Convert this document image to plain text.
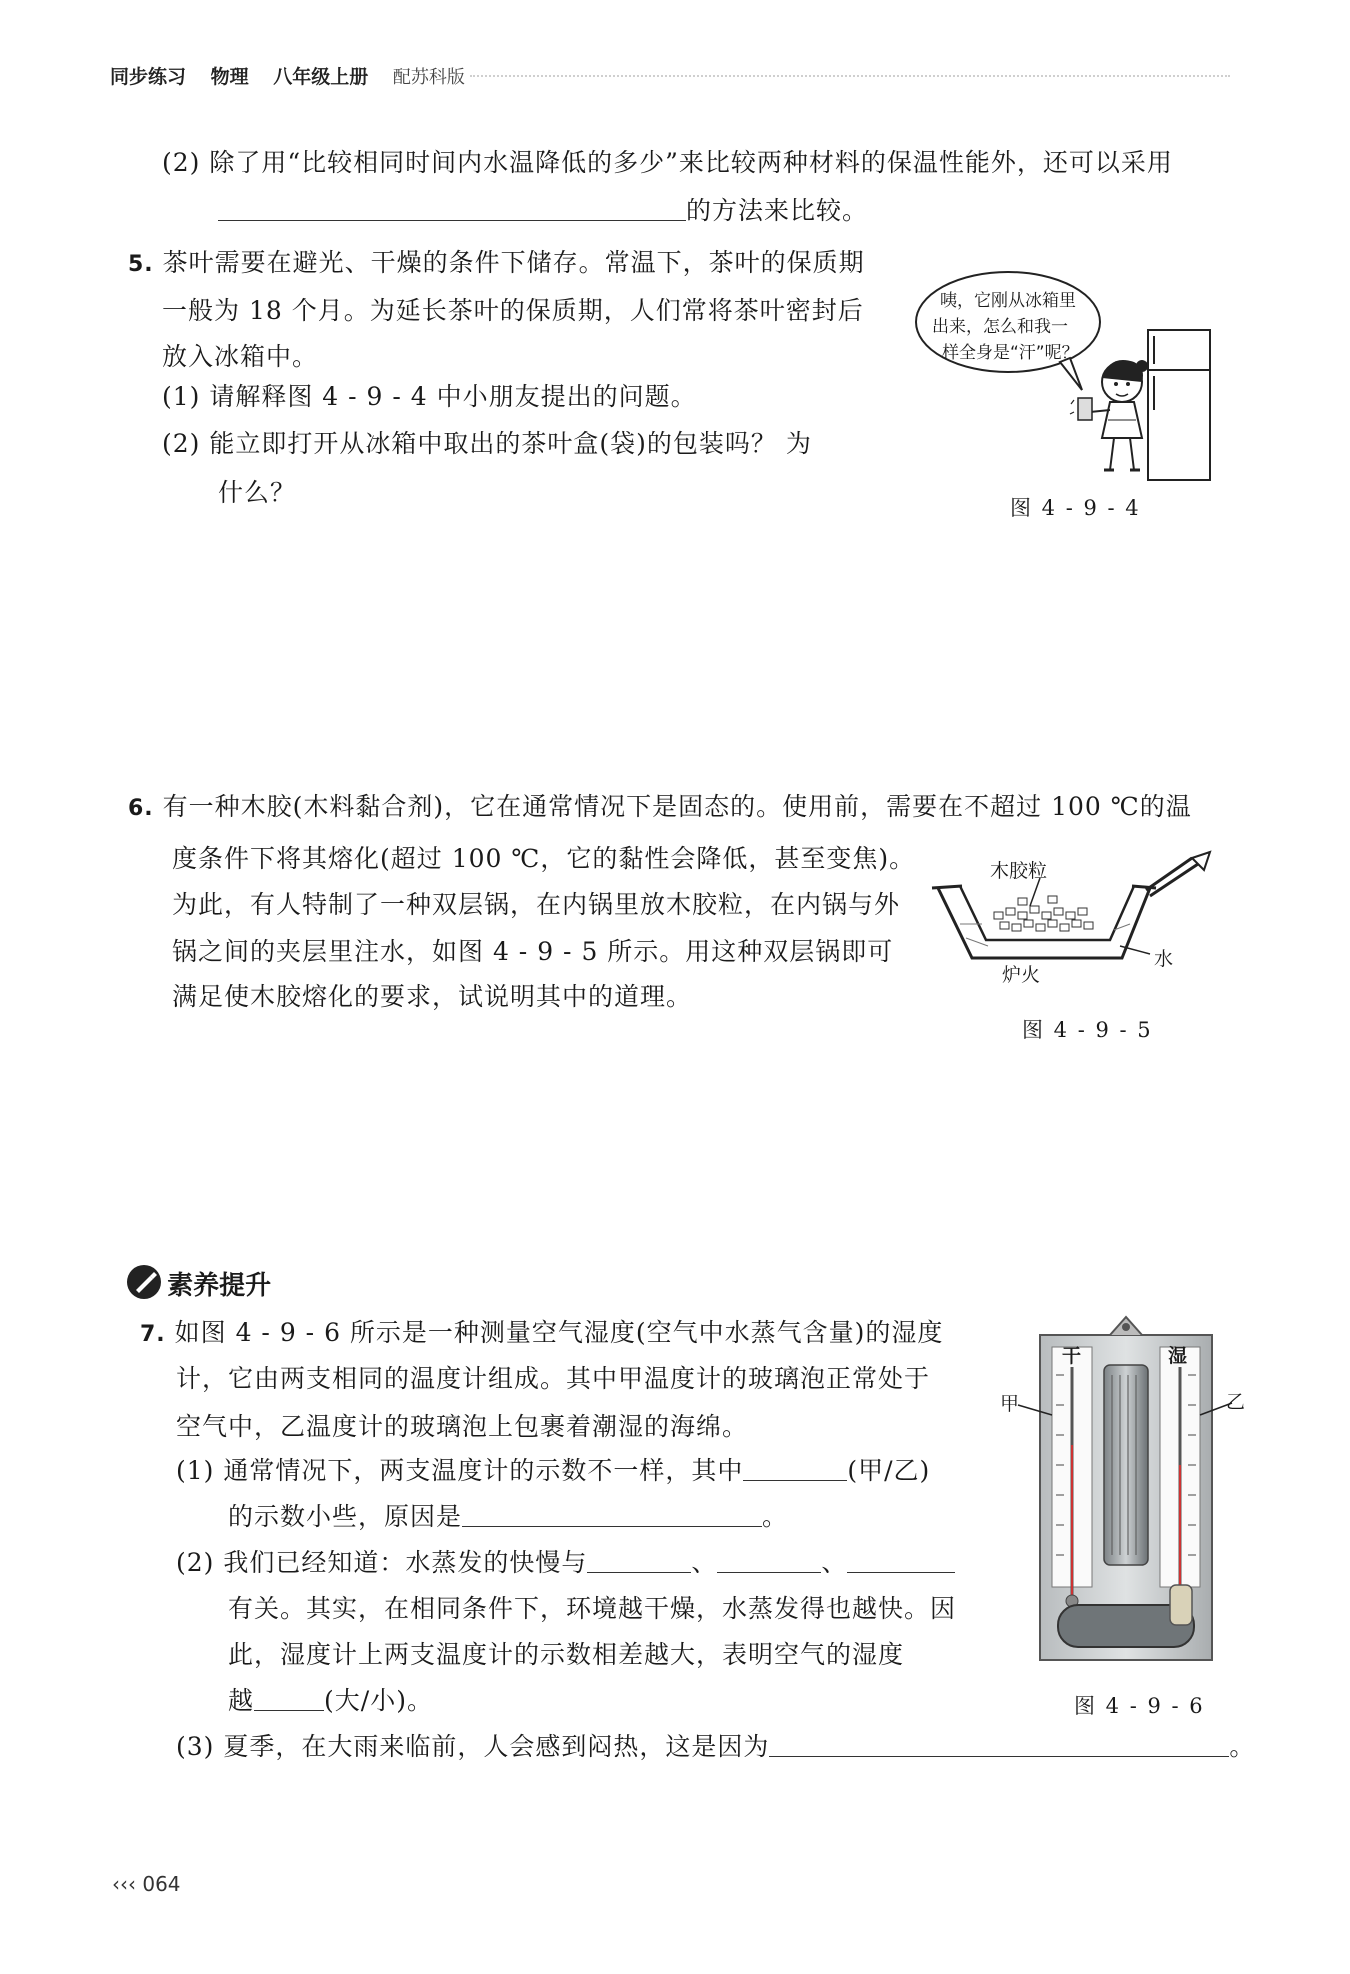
同步练习 物理 八年级上册 配苏科版
(2) 除了用“比较相同时间内水温降低的多少”来比较两种材料的保温性能外，还可以采用
的方法来比较。
5. 茶叶需要在避光、干燥的条件下储存。常温下，茶叶的保质期
一般为 18 个月。为延长茶叶的保质期，人们常将茶叶密封后
放入冰箱中。
(1) 请解释图 4 - 9 - 4 中小朋友提出的问题。
(2) 能立即打开从冰箱中取出的茶叶盒(袋)的包装吗？ 为
什么？
咦，它刚从冰箱里
出来，怎么和我一
样全身是“汗”呢？
图 4 - 9 - 4
6. 有一种木胶(木料黏合剂)，它在通常情况下是固态的。使用前，需要在不超过 100 ℃的温
度条件下将其熔化(超过 100 ℃，它的黏性会降低，甚至变焦)。
为此，有人特制了一种双层锅，在内锅里放木胶粒，在内锅与外
锅之间的夹层里注水，如图 4 - 9 - 5 所示。用这种双层锅即可
满足使木胶熔化的要求，试说明其中的道理。
木胶粒
水
炉火
图 4 - 9 - 5
素养提升
7. 如图 4 - 9 - 6 所示是一种测量空气湿度(空气中水蒸气含量)的湿度
计，它由两支相同的温度计组成。其中甲温度计的玻璃泡正常处于
空气中，乙温度计的玻璃泡上包裹着潮湿的海绵。
(1) 通常情况下，两支温度计的示数不一样，其中	(甲/乙)
的示数小些，原因是	。
(2) 我们已经知道：水蒸发的快慢与	、	、
有关。其实，在相同条件下，环境越干燥，水蒸发得也越快。因
此，湿度计上两支温度计的示数相差越大，表明空气的湿度
越	(大/小)。
(3) 夏季，在大雨来临前，人会感到闷热，这是因为	。
干	湿
甲	乙
图 4 - 9 - 6
‹‹‹ 064
